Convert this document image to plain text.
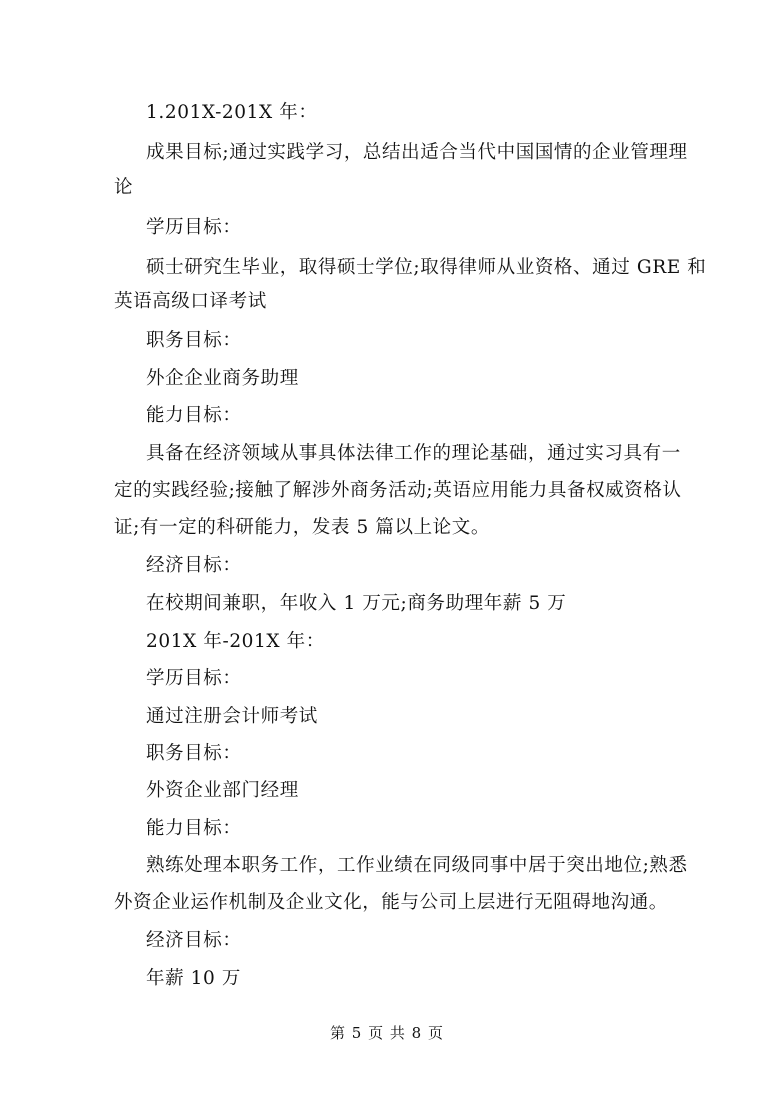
1.201X-201X 年：
成果目标;通过实践学习，总结出适合当代中国国情的企业管理理
论
学历目标：
硕士研究生毕业，取得硕士学位;取得律师从业资格、通过 GRE 和
英语高级口译考试
职务目标：
外企企业商务助理
能力目标：
具备在经济领域从事具体法律工作的理论基础，通过实习具有一
定的实践经验;接触了解涉外商务活动;英语应用能力具备权威资格认
证;有一定的科研能力，发表 5 篇以上论文。
经济目标：
在校期间兼职，年收入 1 万元;商务助理年薪 5 万
201X 年-201X 年：
学历目标：
通过注册会计师考试
职务目标：
外资企业部门经理
能力目标：
熟练处理本职务工作，工作业绩在同级同事中居于突出地位;熟悉
外资企业运作机制及企业文化，能与公司上层进行无阻碍地沟通。
经济目标：
年薪 10 万
第 5 页 共 8 页
